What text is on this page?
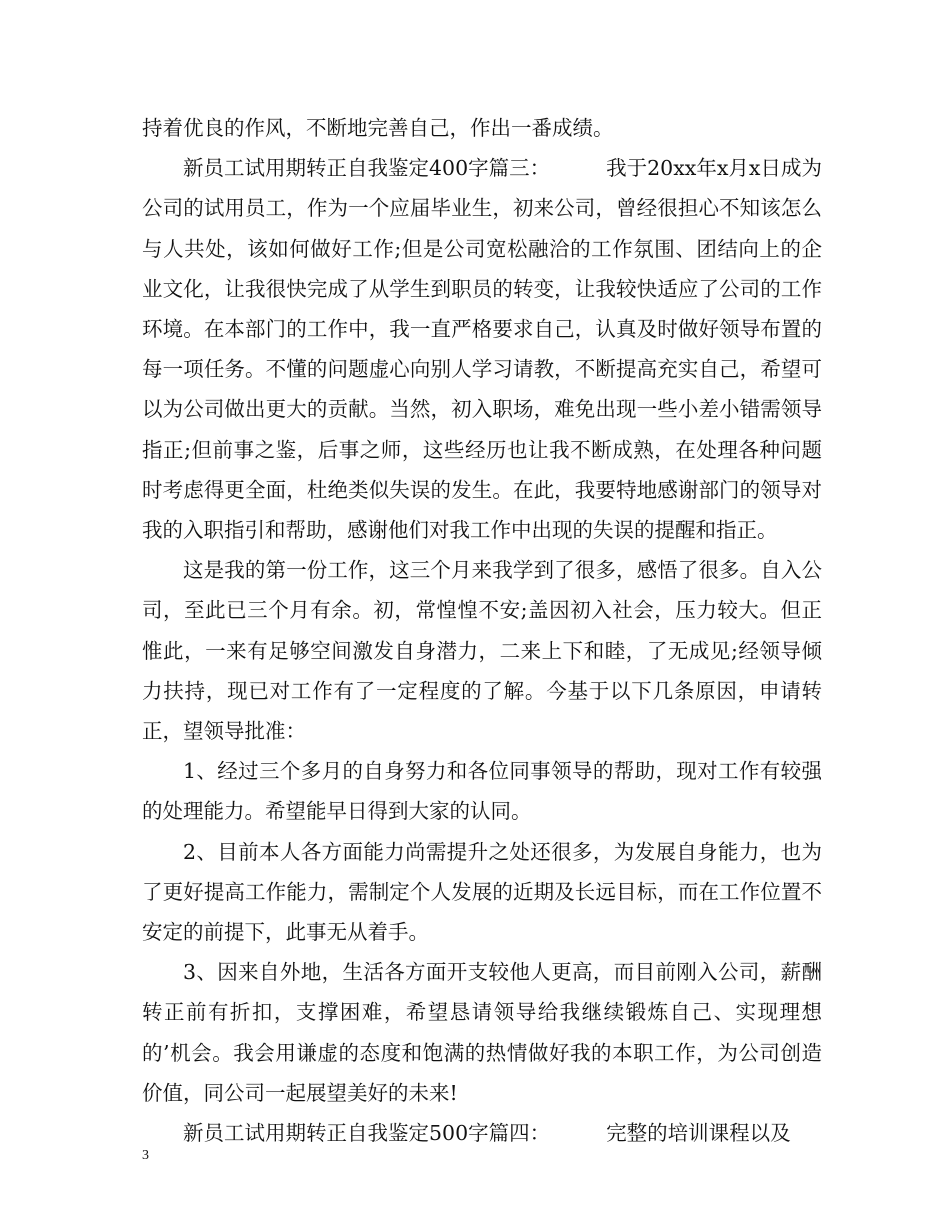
持着优良的作风，不断地完善自己，作出一番成绩。

新员工试用期转正自我鉴定400字篇三：	我于20xx年x月x日成为公司的试用员工，作为一个应届毕业生，初来公司，曾经很担心不知该怎么与人共处，该如何做好工作;但是公司宽松融洽的工作氛围、团结向上的企业文化，让我很快完成了从学生到职员的转变，让我较快适应了公司的工作环境。在本部门的工作中，我一直严格要求自己，认真及时做好领导布置的每一项任务。不懂的问题虚心向别人学习请教，不断提高充实自己，希望可以为公司做出更大的贡献。当然，初入职场，难免出现一些小差小错需领导指正;但前事之鉴，后事之师，这些经历也让我不断成熟，在处理各种问题时考虑得更全面，杜绝类似失误的发生。在此，我要特地感谢部门的领导对我的入职指引和帮助，感谢他们对我工作中出现的失误的提醒和指正。

这是我的第一份工作，这三个月来我学到了很多，感悟了很多。自入公司，至此已三个月有余。初，常惶惶不安;盖因初入社会，压力较大。但正惟此，一来有足够空间激发自身潜力，二来上下和睦，了无成见;经领导倾力扶持，现已对工作有了一定程度的了解。今基于以下几条原因，申请转正，望领导批准：

1、经过三个多月的自身努力和各位同事领导的帮助，现对工作有较强的处理能力。希望能早日得到大家的认同。

2、目前本人各方面能力尚需提升之处还很多，为发展自身能力，也为了更好提高工作能力，需制定个人发展的近期及长远目标，而在工作位置不安定的前提下，此事无从着手。

3、因来自外地，生活各方面开支较他人更高，而目前刚入公司，薪酬转正前有折扣，支撑困难，希望恳请领导给我继续锻炼自己、实现理想的’机会。我会用谦虚的态度和饱满的热情做好我的本职工作，为公司创造价值，同公司一起展望美好的未来!

新员工试用期转正自我鉴定500字篇四：	完整的培训课程以及

3
